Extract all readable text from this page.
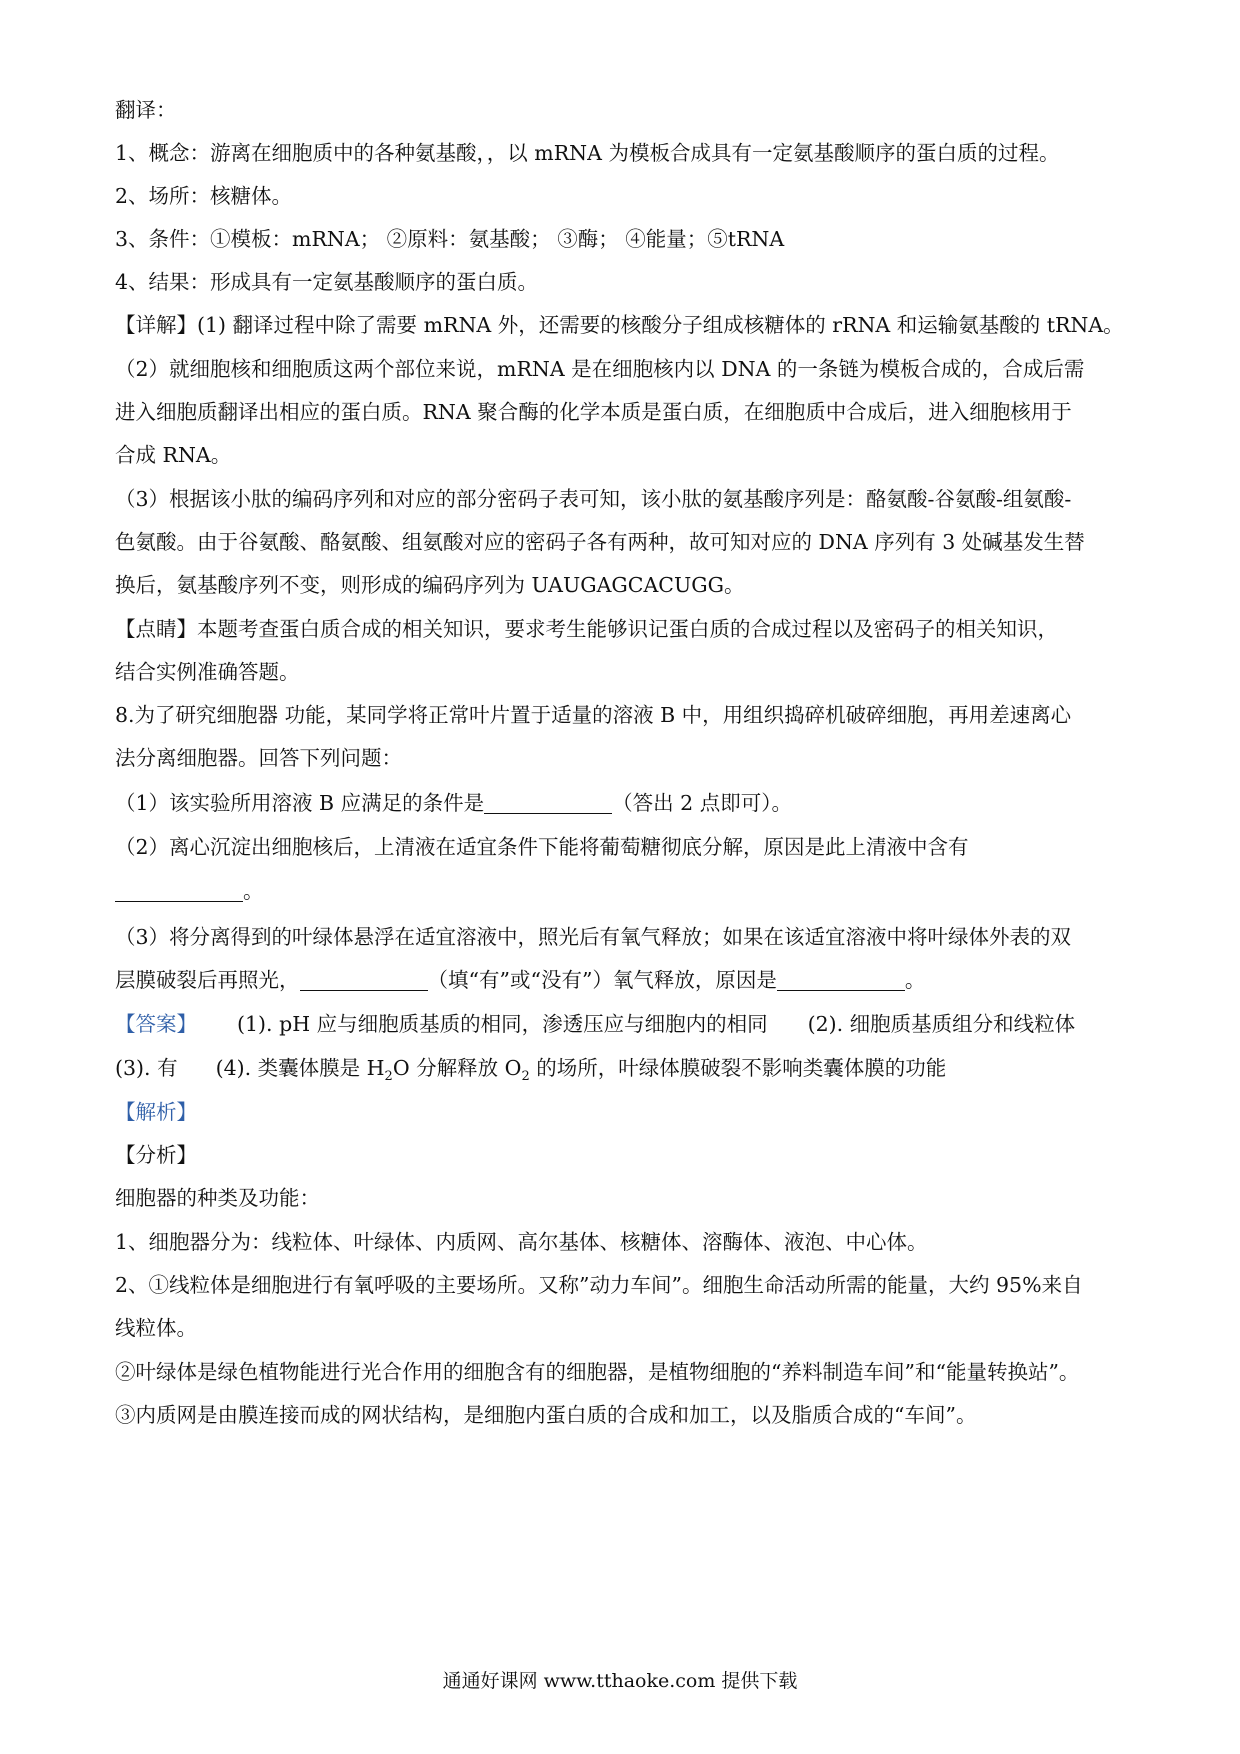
翻译：
1、概念：游离在细胞质中的各种氨基酸，，以 mRNA 为模板合成具有一定氨基酸顺序的蛋白质的过程。
2、场所：核糖体。
3、条件：①模板：mRNA； ②原料：氨基酸； ③酶； ④能量；⑤tRNA
4、结果：形成具有一定氨基酸顺序的蛋白质。
【详解】(1) 翻译过程中除了需要 mRNA 外，还需要的核酸分子组成核糖体的 rRNA 和运输氨基酸的 tRNA。
（2）就细胞核和细胞质这两个部位来说，mRNA 是在细胞核内以 DNA 的一条链为模板合成的，合成后需
进入细胞质翻译出相应的蛋白质。RNA 聚合酶的化学本质是蛋白质，在细胞质中合成后，进入细胞核用于
合成 RNA。
（3）根据该小肽的编码序列和对应的部分密码子表可知，该小肽的氨基酸序列是：酪氨酸-谷氨酸-组氨酸-
色氨酸。由于谷氨酸、酪氨酸、组氨酸对应的密码子各有两种，故可知对应的 DNA 序列有 3 处碱基发生替
换后，氨基酸序列不变，则形成的编码序列为 UAUGAGCACUGG。
【点睛】本题考查蛋白质合成的相关知识，要求考生能够识记蛋白质的合成过程以及密码子的相关知识，
结合实例准确答题。
8.为了研究细胞器 功能，某同学将正常叶片置于适量的溶液 B 中，用组织捣碎机破碎细胞，再用差速离心
法分离细胞器。回答下列问题：
（1）该实验所用溶液 B 应满足的条件是	（答出 2 点即可）。
（2）离心沉淀出细胞核后，上清液在适宜条件下能将葡萄糖彻底分解，原因是此上清液中含有
。
（3）将分离得到的叶绿体悬浮在适宜溶液中，照光后有氧气释放；如果在该适宜溶液中将叶绿体外表的双
层膜破裂后再照光，	（填“有”或“没有”）氧气释放，原因是	。
【答案】 (1). pH 应与细胞质基质的相同，渗透压应与细胞内的相同 (2). 细胞质基质组分和线粒体
(3). 有 (4). 类囊体膜是 $H_2O$ 分解释放 $O_2$ 的场所，叶绿体膜破裂不影响类囊体膜的功能
【解析】
【分析】
细胞器的种类及功能：
1、细胞器分为：线粒体、叶绿体、内质网、高尔基体、核糖体、溶酶体、液泡、中心体。
2、①线粒体是细胞进行有氧呼吸的主要场所。又称”动力车间”。细胞生命活动所需的能量，大约 95%来自
线粒体。
②叶绿体是绿色植物能进行光合作用的细胞含有的细胞器，是植物细胞的“养料制造车间”和“能量转换站”。
③内质网是由膜连接而成的网状结构，是细胞内蛋白质的合成和加工，以及脂质合成的“车间”。
通通好课网 www.tthaoke.com 提供下载
